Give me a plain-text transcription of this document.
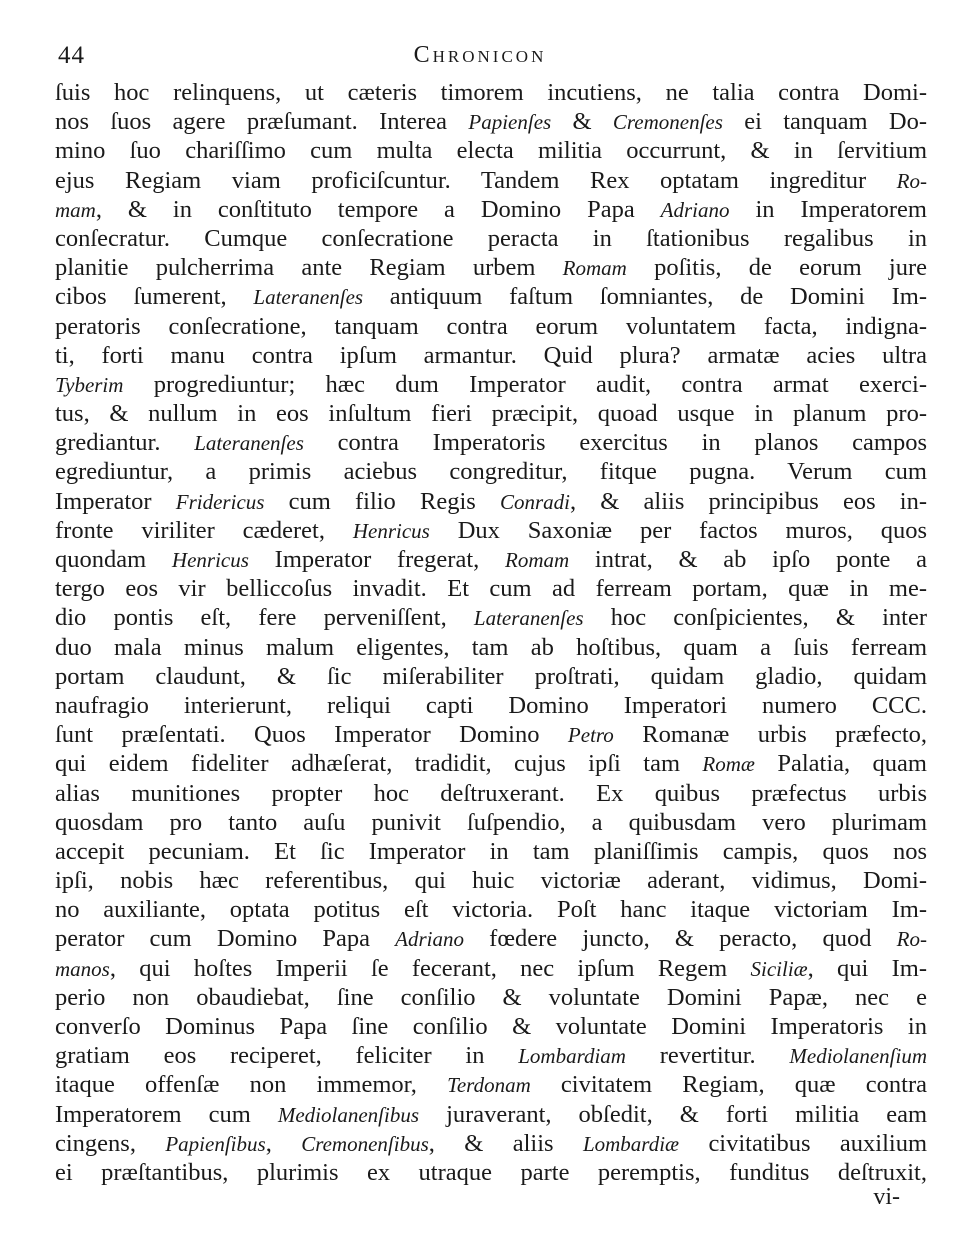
44	Chronicon
ſuis hoc relinquens, ut cæteris timorem incutiens, ne talia contra Domi-
nos ſuos agere præſumant. Interea Papienſes & Cremonenſes ei tanquam Do-
mino ſuo chariſſimo cum multa electa militia occurrunt, & in ſervitium
ejus Regiam viam proficiſcuntur. Tandem Rex optatam ingreditur Ro-
mam, & in conſtituto tempore a Domino Papa Adriano in Imperatorem
conſecratur. Cumque conſecratione peracta in ſtationibus regalibus in
planitie pulcherrima ante Regiam urbem Romam poſitis, de eorum jure
cibos ſumerent, Lateranenſes antiquum faſtum ſomniantes, de Domini Im-
peratoris conſecratione, tanquam contra eorum voluntatem facta, indigna-
ti, forti manu contra ipſum armantur. Quid plura? armatæ acies ultra
Tyberim progrediuntur; hæc dum Imperator audit, contra armat exerci-
tus, & nullum in eos inſultum fieri præcipit, quoad usque in planum pro-
grediantur. Lateranenſes contra Imperatoris exercitus in planos campos
egrediuntur, a primis aciebus congreditur, fitque pugna. Verum cum
Imperator Fridericus cum filio Regis Conradi, & aliis principibus eos in-
fronte viriliter cæderet, Henricus Dux Saxoniæ per factos muros, quos
quondam Henricus Imperator fregerat, Romam intrat, & ab ipſo ponte a
tergo eos vir belliccoſus invadit. Et cum ad ferream portam, quæ in me-
dio pontis eſt, fere perveniſſent, Lateranenſes hoc conſpicientes, & inter
duo mala minus malum eligentes, tam ab hoſtibus, quam a ſuis ferream
portam claudunt, & ſic miſerabiliter proſtrati, quidam gladio, quidam
naufragio interierunt, reliqui capti Domino Imperatori numero CCC.
ſunt præſentati. Quos Imperator Domino Petro Romanæ urbis præfecto,
qui eidem fideliter adhæſerat, tradidit, cujus ipſi tam Romæ Palatia, quam
alias munitiones propter hoc deſtruxerant. Ex quibus præfectus urbis
quosdam pro tanto auſu punivit ſuſpendio, a quibusdam vero plurimam
accepit pecuniam. Et ſic Imperator in tam planiſſimis campis, quos nos
ipſi, nobis hæc referentibus, qui huic victoriæ aderant, vidimus, Domi-
no auxiliante, optata potitus eſt victoria. Poſt hanc itaque victoriam Im-
perator cum Domino Papa Adriano fœdere juncto, & peracto, quod Ro-
manos, qui hoſtes Imperii ſe fecerant, nec ipſum Regem Siciliæ, qui Im-
perio non obaudiebat, ſine conſilio & voluntate Domini Papæ, nec e
converſo Dominus Papa ſine conſilio & voluntate Domini Imperatoris in
gratiam eos reciperet, feliciter in Lombardiam revertitur. Mediolanenſium
itaque offenſæ non immemor, Terdonam civitatem Regiam, quæ contra
Imperatorem cum Mediolanenſibus juraverant, obſedit, & forti militia eam
cingens, Papienſibus, Cremonenſibus, & aliis Lombardiæ civitatibus auxilium
ei præſtantibus, plurimis ex utraque parte peremptis, funditus deſtruxit,
vi-
